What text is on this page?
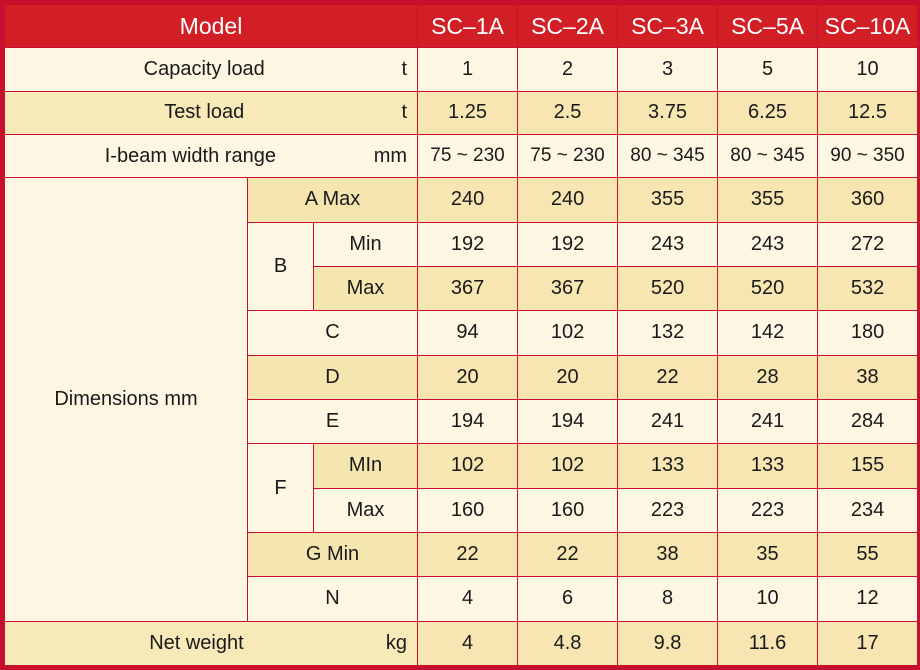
Model			SC–1A	SC–2A	SC–3A	SC–5A	SC–10A
Capacity load t			1	2	3	5	10
Test load t			1.25	2.5	3.75	6.25	12.5
I-beam width range mm			75 ~ 230	75 ~ 230	80 ~ 345	80 ~ 345	90 ~ 350
Dimensions mm	A Max		240	240	355	355	360
	B	Min	192	192	243	243	272
		Max	367	367	520	520	532
	C		94	102	132	142	180
	D		20	20	22	28	38
	E		194	194	241	241	284
	F	MIn	102	102	133	133	155
		Max	160	160	223	223	234
	G Min		22	22	38	35	55
	N		4	6	8	10	12
Net weight kg			4	4.8	9.8	11.6	17
